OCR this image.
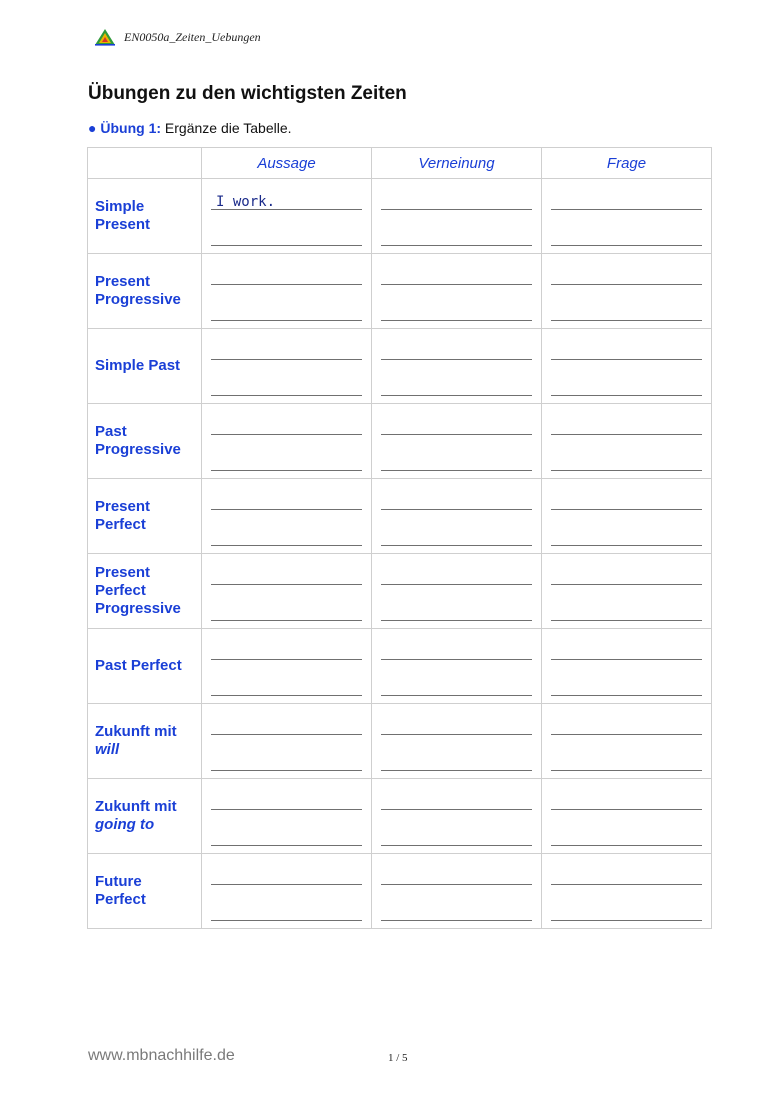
EN0050a_Zeiten_Uebungen
Übungen zu den wichtigsten Zeiten
● Übung 1: Ergänze die Tabelle.
	Aussage	Verneinung	Frage

Simple
Present	I work.		

Present
Progressive			

Simple Past			

Past
Progressive			

Present
Perfect			

Present
Perfect
Progressive			

Past Perfect			

Zukunft mit
will			

Zukunft mit
going to			

Future
Perfect			

www.mbnachhilfe.de	1 / 5
